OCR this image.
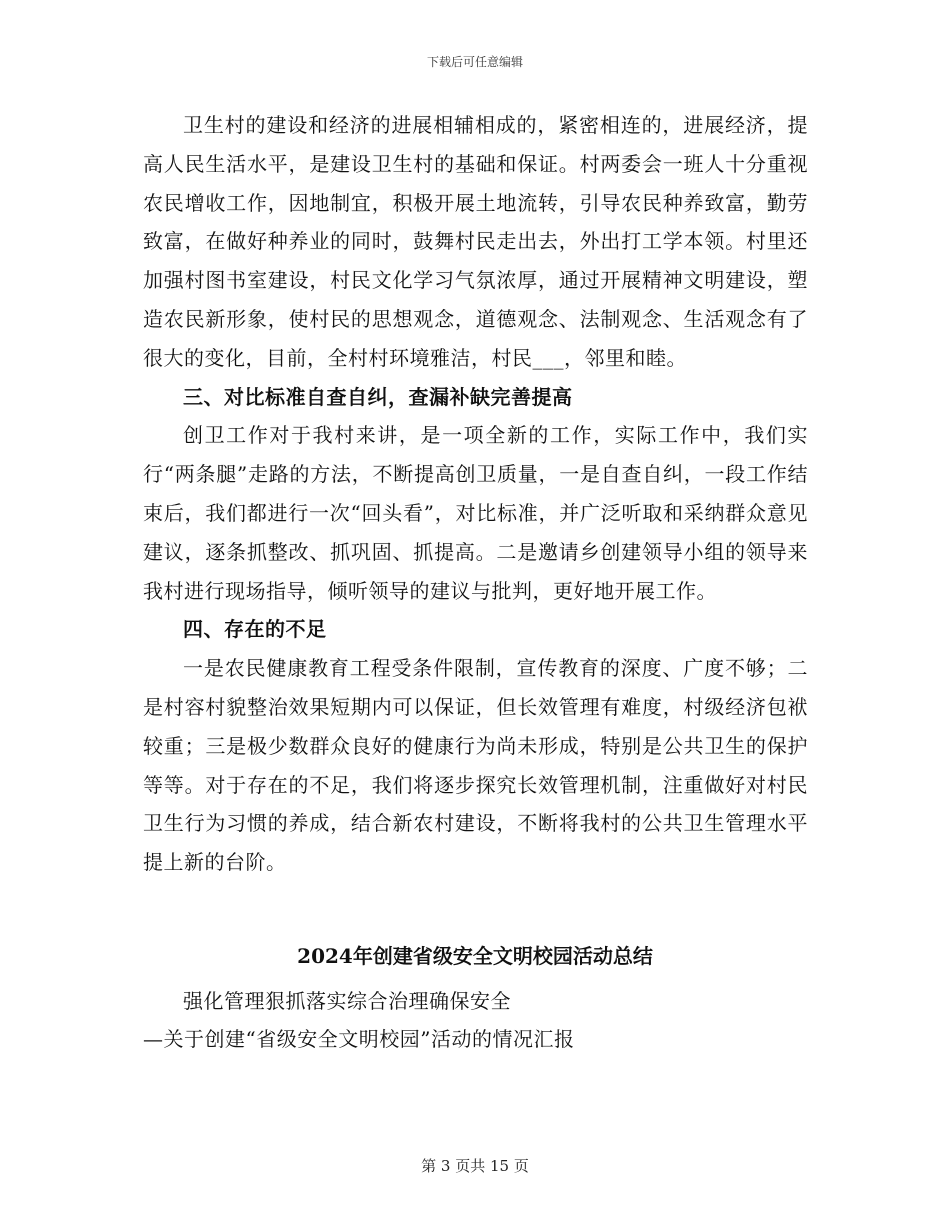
下载后可任意编辑

卫生村的建设和经济的进展相辅相成的，紧密相连的，进展经济，提高人民生活水平，是建设卫生村的基础和保证。村两委会一班人十分重视农民增收工作，因地制宜，积极开展土地流转，引导农民种养致富，勤劳致富，在做好种养业的同时，鼓舞村民走出去，外出打工学本领。村里还加强村图书室建设，村民文化学习气氛浓厚，通过开展精神文明建设，塑造农民新形象，使村民的思想观念，道德观念、法制观念、生活观念有了很大的变化，目前，全村村环境雅洁，村民___，邻里和睦。

三、对比标准自查自纠，查漏补缺完善提高

创卫工作对于我村来讲，是一项全新的工作，实际工作中，我们实行“两条腿”走路的方法，不断提高创卫质量，一是自查自纠，一段工作结束后，我们都进行一次“回头看”，对比标准，并广泛听取和采纳群众意见建议，逐条抓整改、抓巩固、抓提高。二是邀请乡创建领导小组的领导来我村进行现场指导，倾听领导的建议与批判，更好地开展工作。

四、存在的不足

一是农民健康教育工程受条件限制，宣传教育的深度、广度不够；二是村容村貌整治效果短期内可以保证，但长效管理有难度，村级经济包袱较重；三是极少数群众良好的健康行为尚未形成，特别是公共卫生的保护等等。对于存在的不足，我们将逐步探究长效管理机制，注重做好对村民卫生行为习惯的养成，结合新农村建设，不断将我村的公共卫生管理水平提上新的台阶。

2024年创建省级安全文明校园活动总结

强化管理狠抓落实综合治理确保安全

—关于创建“省级安全文明校园”活动的情况汇报

第 3 页共 15 页
